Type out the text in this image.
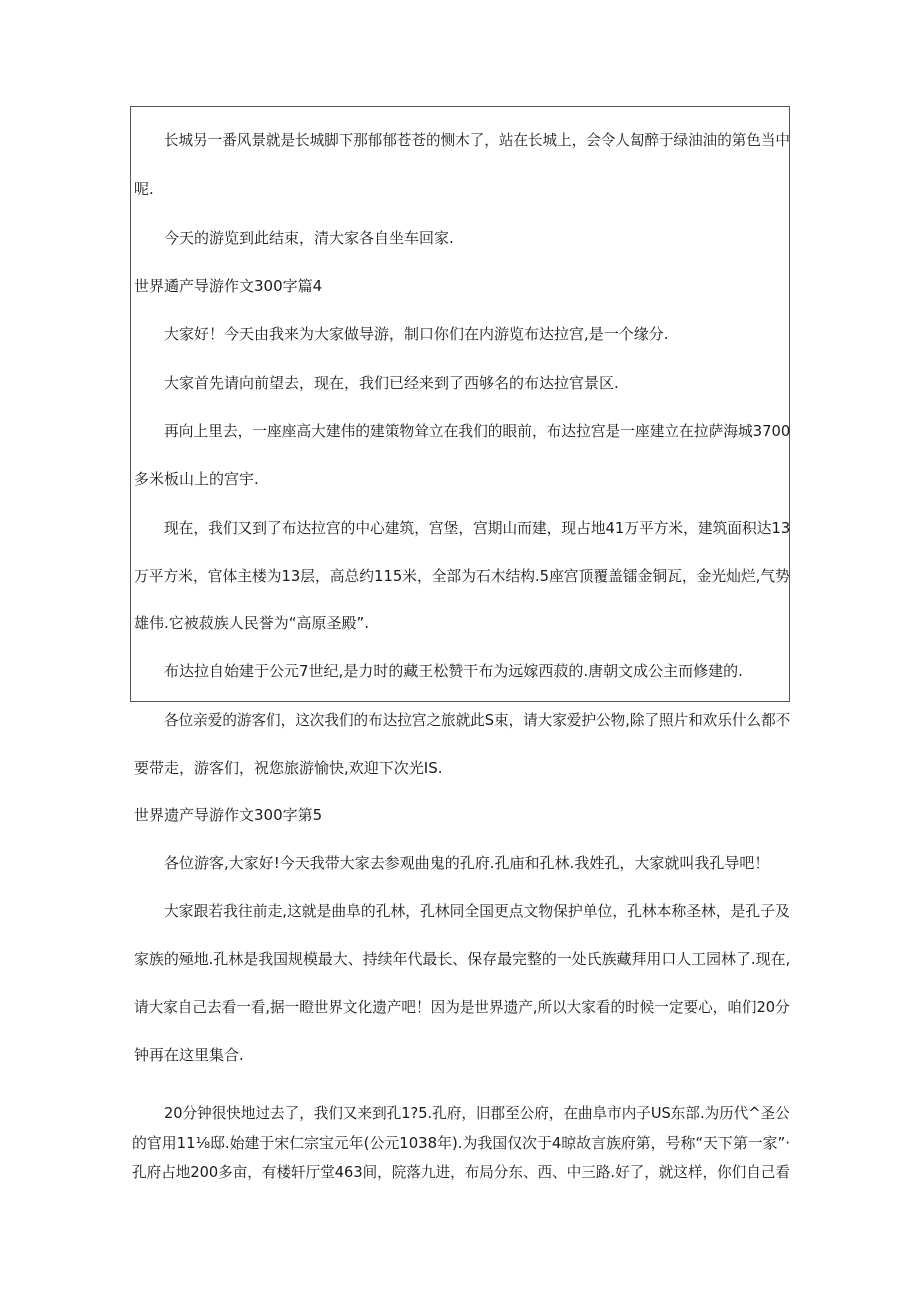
长城另一番风景就是长城脚下那郁郁苍苍的恻木了，站在长城上，会令人匐醉于绿油油的第色当中
呢.
今天的游览到此结束，清大家各自坐车回家.
世界遹产导游作文300字篇4
大家好！今天由我来为大家做导游，制口你们在内游览布达拉宫,是一个缘分.
大家首先请向前望去，现在，我们已经来到了西够名的布达拉官景区.
再向上里去，一座座高大建伟的建策物耸立在我们的眼前，布达拉宫是一座建立在拉萨海城3700
多米板山上的宫宇.
现在，我们又到了布达拉宫的中心建筑，宫堡，宫期山而建，现占地41万平方米，建筑面积达13
万平方米，官体主楼为13层，高总约115米，全部为石木结构.5座宫顶覆盖镭金铜瓦，金光灿烂,气势
雄伟.它被菽族人民誉为“高原圣殿”.
布达拉自始建于公元7世纪,是力时的藏王松赞干布为远嫁西菽的.唐朝文成公主而修建的.
各位亲爱的游客们，这次我们的布达拉宫之旅就此S束，请大家爱护公物,除了照片和欢乐什么都不
要带走，游客们，祝您旅游愉快,欢迎下次光IS.
世界遗产导游作文300字第5
各位游客,大家好!今天我带大家去参观曲鬼的孔府.孔庙和孔林.我姓孔，大家就叫我孔导吧！
大家跟若我往前走,这就是曲阜的孔林，孔林同全国更点文物保护单位，孔林本称圣林，是孔子及
家族的殛地.孔林是我国规模最大、持续年代最长、保存最完整的一处氏族藏拜用口人工园林了.现在,
请大家自己去看一看,据一瞪世界文化遗产吧！因为是世界遗产,所以大家看的时候一定要心，咱们20分
钟再在这里集合.
20分钟很快地过去了，我们又来到孔1?5.孔府，旧郡至公府，在曲阜市内子US东部.为历代^圣公
的官用11⅛邸.始建于宋仁宗宝元年(公元1038年).为我国仅次于4晾故言族府第，号称“天下第一家”·
孔府占地200多亩，有楼轩厅堂463间，院落九进，布局分东、西、中三路.好了，就这样，你们自己看
